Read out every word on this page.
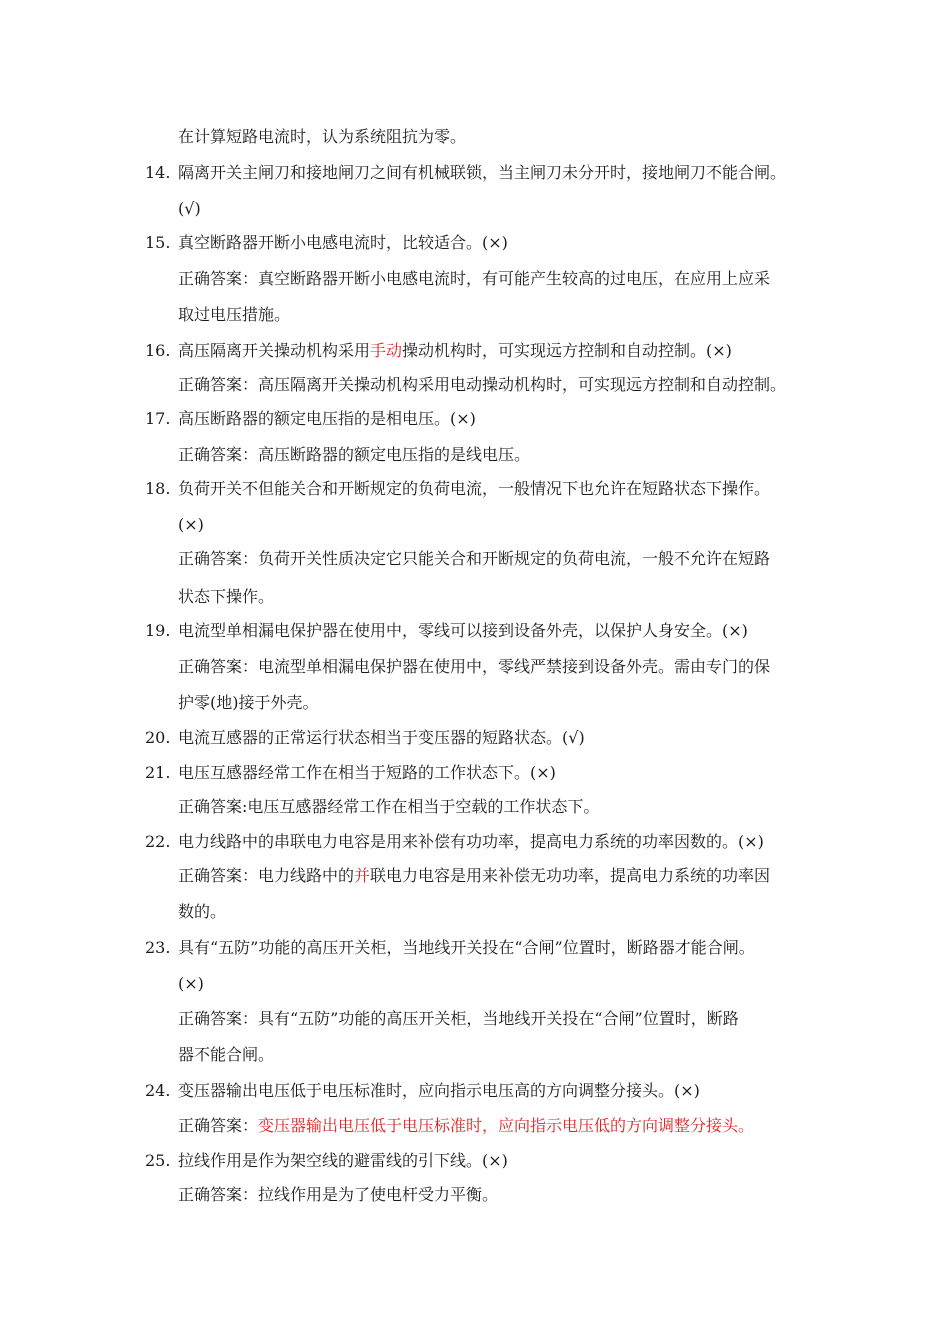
在计算短路电流时，认为系统阻抗为零。
14. 隔离开关主闸刀和接地闸刀之间有机械联锁，当主闸刀未分开时，接地闸刀不能合闸。
(√)
15. 真空断路器开断小电感电流时，比较适合。(×)
正确答案：真空断路器开断小电感电流时，有可能产生较高的过电压，在应用上应采
取过电压措施。
16. 高压隔离开关操动机构采用手动操动机构时，可实现远方控制和自动控制。(×)
正确答案：高压隔离开关操动机构采用电动操动机构时，可实现远方控制和自动控制。
17. 高压断路器的额定电压指的是相电压。(×)
正确答案：高压断路器的额定电压指的是线电压。
18. 负荷开关不但能关合和开断规定的负荷电流，一般情况下也允许在短路状态下操作。
(×)
正确答案：负荷开关性质决定它只能关合和开断规定的负荷电流，一般不允许在短路
状态下操作。
19. 电流型单相漏电保护器在使用中，零线可以接到设备外壳，以保护人身安全。(×)
正确答案：电流型单相漏电保护器在使用中，零线严禁接到设备外壳。需由专门的保
护零(地)接于外壳。
20. 电流互感器的正常运行状态相当于变压器的短路状态。(√)
21. 电压互感器经常工作在相当于短路的工作状态下。(×)
正确答案:电压互感器经常工作在相当于空载的工作状态下。
22. 电力线路中的串联电力电容是用来补偿有功功率，提高电力系统的功率因数的。(×)
正确答案：电力线路中的并联电力电容是用来补偿无功功率，提高电力系统的功率因
数的。
23. 具有“五防”功能的高压开关柜，当地线开关投在“合闸”位置时，断路器才能合闸。
(×)
正确答案：具有“五防”功能的高压开关柜，当地线开关投在“合闸”位置时，断路
器不能合闸。
24. 变压器输出电压低于电压标准时，应向指示电压高的方向调整分接头。(×)
正确答案：变压器输出电压低于电压标准时，应向指示电压低的方向调整分接头。
25. 拉线作用是作为架空线的避雷线的引下线。(×)
正确答案：拉线作用是为了使电杆受力平衡。
